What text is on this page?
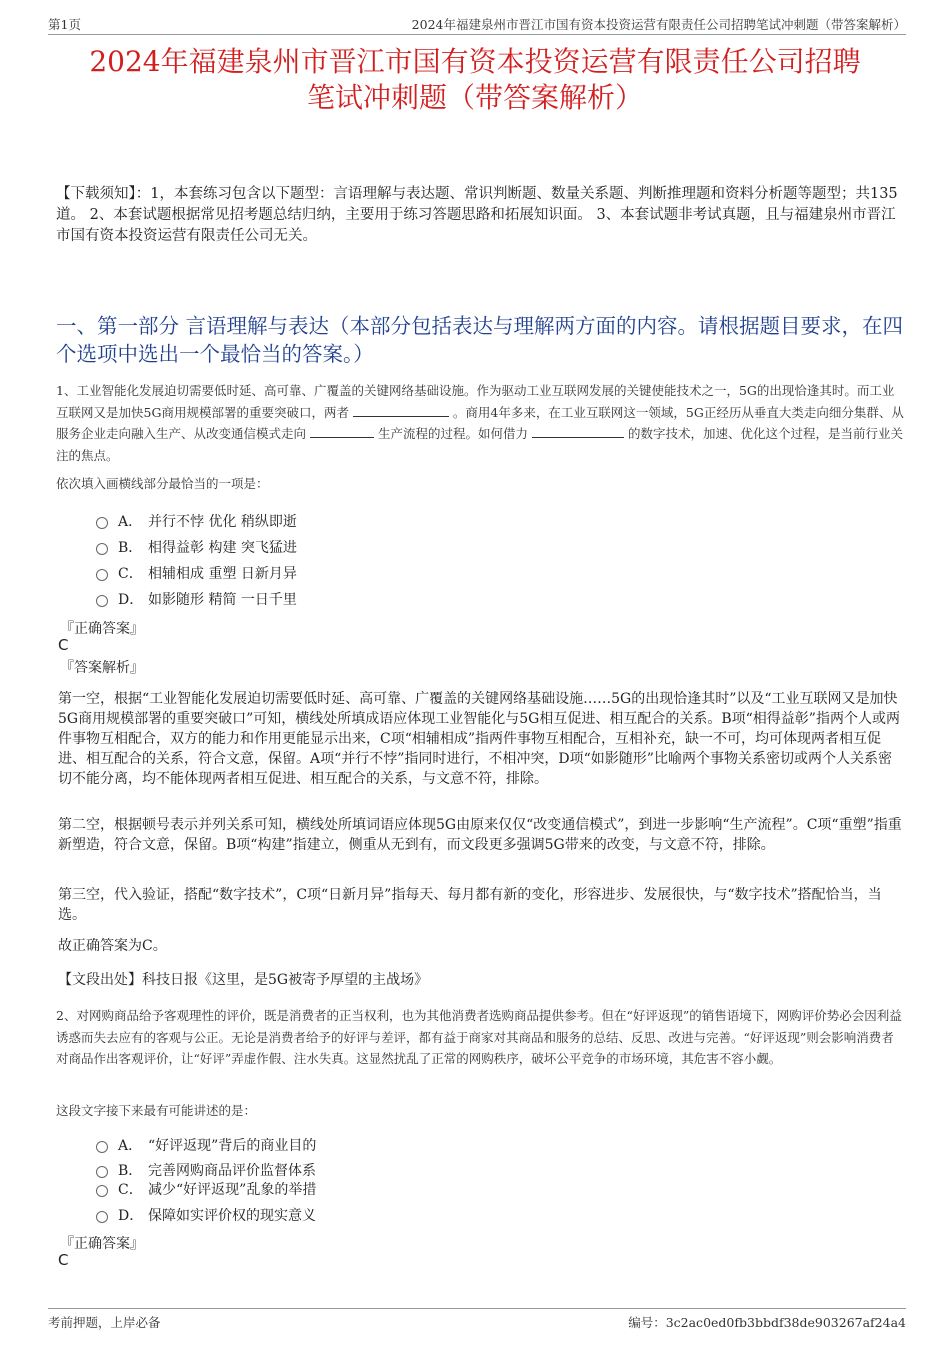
第1页	2024年福建泉州市晋江市国有资本投资运营有限责任公司招聘笔试冲刺题（带答案解析）
2024年福建泉州市晋江市国有资本投资运营有限责任公司招聘
笔试冲刺题（带答案解析）
【下载须知】：1，本套练习包含以下题型：言语理解与表达题、常识判断题、数量关系题、判断推理题和资料分析题等题型；共135道。 2、本套试题根据常见招考题总结归纳，主要用于练习答题思路和拓展知识面。 3、本套试题非考试真题，且与福建泉州市晋江市国有资本投资运营有限责任公司无关。
一、第一部分 言语理解与表达（本部分包括表达与理解两方面的内容。请根据题目要求，在四个选项中选出一个最恰当的答案。）
1、工业智能化发展迫切需要低时延、高可靠、广覆盖的关键网络基础设施。作为驱动工业互联网发展的关键使能技术之一，5G的出现恰逢其时。而工业互联网又是加快5G商用规模部署的重要突破口，两者	。商用4年多来，在工业互联网这一领域，5G正经历从垂直大类走向细分集群、从服务企业走向融入生产、从改变通信模式走向	生产流程的过程。如何借力	的数字技术，加速、优化这个过程，是当前行业关注的焦点。
依次填入画横线部分最恰当的一项是：
A． 并行不悖 优化 稍纵即逝
B． 相得益彰 构建 突飞猛进
C． 相辅相成 重塑 日新月异
D． 如影随形 精简 一日千里
『正确答案』
C
『答案解析』
第一空，根据“工业智能化发展迫切需要低时延、高可靠、广覆盖的关键网络基础设施……5G的出现恰逢其时”以及“工业互联网又是加快5G商用规模部署的重要突破口”可知，横线处所填成语应体现工业智能化与5G相互促进、相互配合的关系。B项“相得益彰”指两个人或两件事物互相配合，双方的能力和作用更能显示出来，C项“相辅相成”指两件事物互相配合，互相补充，缺一不可，均可体现两者相互促进、相互配合的关系，符合文意，保留。A项“并行不悖”指同时进行，不相冲突，D项“如影随形”比喻两个事物关系密切或两个人关系密切不能分离，均不能体现两者相互促进、相互配合的关系，与文意不符，排除。
第二空，根据顿号表示并列关系可知，横线处所填词语应体现5G由原来仅仅“改变通信模式”，到进一步影响“生产流程”。C项“重塑”指重新塑造，符合文意，保留。B项“构建”指建立，侧重从无到有，而文段更多强调5G带来的改变，与文意不符，排除。
第三空，代入验证，搭配“数字技术”，C项“日新月异”指每天、每月都有新的变化，形容进步、发展很快，与“数字技术”搭配恰当，当选。
故正确答案为C。
【文段出处】科技日报《这里，是5G被寄予厚望的主战场》
2、对网购商品给予客观理性的评价，既是消费者的正当权利，也为其他消费者选购商品提供参考。但在“好评返现”的销售语境下，网购评价势必会因利益诱惑而失去应有的客观与公正。无论是消费者给予的好评与差评，都有益于商家对其商品和服务的总结、反思、改进与完善。“好评返现”则会影响消费者对商品作出客观评价，让“好评”弄虚作假、注水失真。这显然扰乱了正常的网购秩序，破坏公平竞争的市场环境，其危害不容小觑。
这段文字接下来最有可能讲述的是：
A． “好评返现”背后的商业目的
B． 完善网购商品评价监督体系
C． 减少“好评返现”乱象的举措
D． 保障如实评价权的现实意义
『正确答案』
C
考前押题，上岸必备	编号：3c2ac0ed0fb3bbdf38de903267af24a4
